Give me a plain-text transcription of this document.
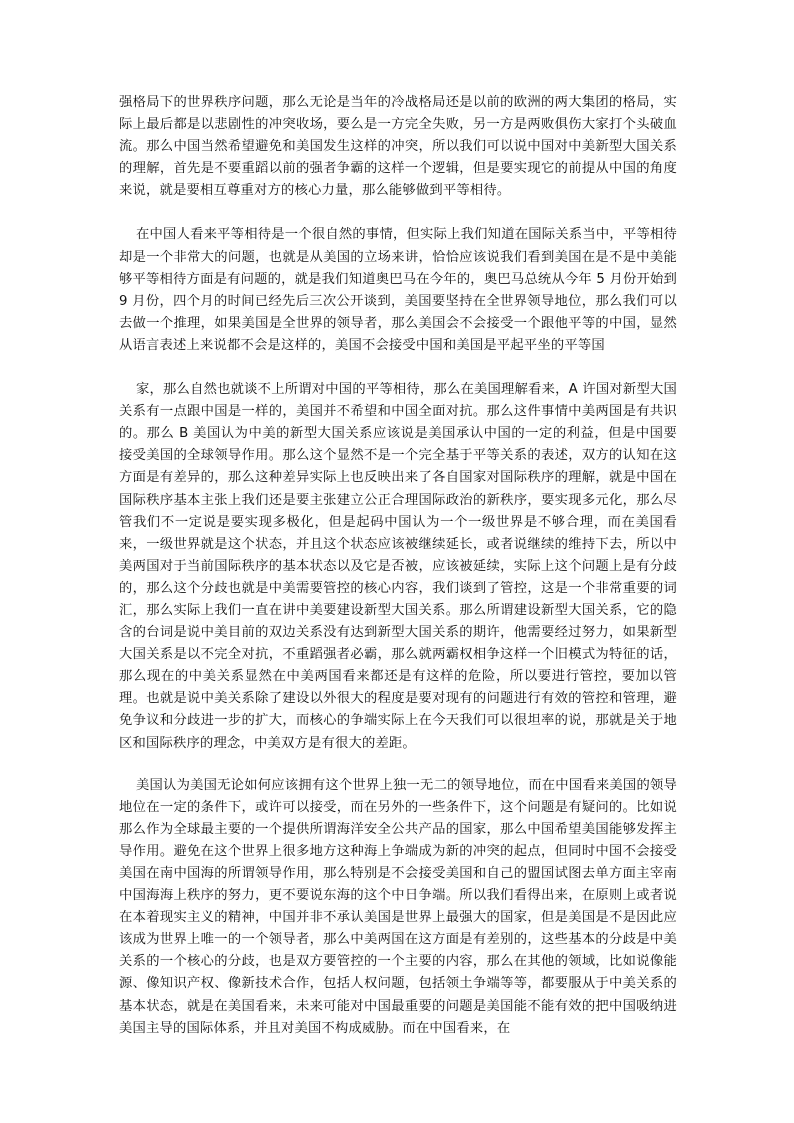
强格局下的世界秩序问题，那么无论是当年的冷战格局还是以前的欧洲的两大集团的格局，实际上最后都是以悲剧性的冲突收场，要么是一方完全失败，另一方是两败俱伤大家打个头破血流。那么中国当然希望避免和美国发生这样的冲突，所以我们可以说中国对中美新型大国关系的理解，首先是不要重蹈以前的强者争霸的这样一个逻辑，但是要实现它的前提从中国的角度来说，就是要相互尊重对方的核心力量，那么能够做到平等相待。

在中国人看来平等相待是一个很自然的事情，但实际上我们知道在国际关系当中，平等相待却是一个非常大的问题，也就是从美国的立场来讲，恰恰应该说我们看到美国在是不是中美能够平等相待方面是有问题的，就是我们知道奥巴马在今年的，奥巴马总统从今年 5 月份开始到 9 月份，四个月的时间已经先后三次公开谈到，美国要坚持在全世界领导地位，那么我们可以去做一个推理，如果美国是全世界的领导者，那么美国会不会接受一个跟他平等的中国，显然从语言表述上来说都不会是这样的，美国不会接受中国和美国是平起平坐的平等国

家，那么自然也就谈不上所谓对中国的平等相待，那么在美国理解看来，A 许国对新型大国关系有一点跟中国是一样的，美国并不希望和中国全面对抗。那么这件事情中美两国是有共识的。那么 B 美国认为中美的新型大国关系应该说是美国承认中国的一定的利益，但是中国要接受美国的全球领导作用。那么这个显然不是一个完全基于平等关系的表述，双方的认知在这方面是有差异的，那么这种差异实际上也反映出来了各自国家对国际秩序的理解，就是中国在国际秩序基本主张上我们还是要主张建立公正合理国际政治的新秩序，要实现多元化，那么尽管我们不一定说是要实现多极化，但是起码中国认为一个一级世界是不够合理，而在美国看来，一级世界就是这个状态，并且这个状态应该被继续延长，或者说继续的维持下去，所以中美两国对于当前国际秩序的基本状态以及它是否被，应该被延续，实际上这个问题上是有分歧的，那么这个分歧也就是中美需要管控的核心内容，我们谈到了管控，这是一个非常重要的词汇，那么实际上我们一直在讲中美要建设新型大国关系。那么所谓建设新型大国关系，它的隐含的台词是说中美目前的双边关系没有达到新型大国关系的期许，他需要经过努力，如果新型大国关系是以不完全对抗，不重蹈强者必霸，那么就两霸权相争这样一个旧模式为特征的话，那么现在的中美关系显然在中美两国看来都还是有这样的危险，所以要进行管控，要加以管理。也就是说中美关系除了建设以外很大的程度是要对现有的问题进行有效的管控和管理，避免争议和分歧进一步的扩大，而核心的争端实际上在今天我们可以很坦率的说，那就是关于地区和国际秩序的理念，中美双方是有很大的差距。

美国认为美国无论如何应该拥有这个世界上独一无二的领导地位，而在中国看来美国的领导地位在一定的条件下，或许可以接受，而在另外的一些条件下，这个问题是有疑问的。比如说那么作为全球最主要的一个提供所谓海洋安全公共产品的国家，那么中国希望美国能够发挥主导作用。避免在这个世界上很多地方这种海上争端成为新的冲突的起点，但同时中国不会接受美国在南中国海的所谓领导作用，那么特别是不会接受美国和自己的盟国试图去单方面主宰南中国海海上秩序的努力，更不要说东海的这个中日争端。所以我们看得出来，在原则上或者说在本着现实主义的精神，中国并非不承认美国是世界上最强大的国家，但是美国是不是因此应该成为世界上唯一的一个领导者，那么中美两国在这方面是有差别的，这些基本的分歧是中美关系的一个核心的分歧，也是双方要管控的一个主要的内容，那么在其他的领域，比如说像能源、像知识产权、像新技术合作，包括人权问题，包括领土争端等等，都要服从于中美关系的基本状态，就是在美国看来，未来可能对中国最重要的问题是美国能不能有效的把中国吸纳进美国主导的国际体系，并且对美国不构成威胁。而在中国看来，在
